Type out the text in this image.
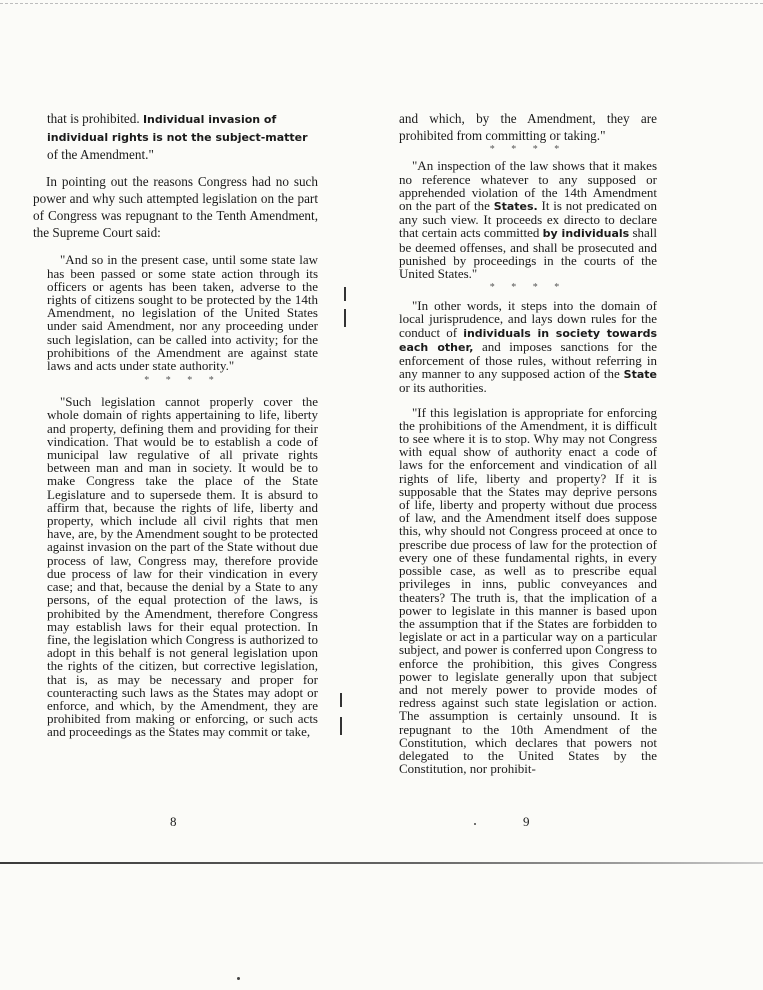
that is prohibited. Individual invasion of individual rights is not the subject-matter of the Amendment."

In pointing out the reasons Congress had no such power and why such attempted legislation on the part of Congress was repugnant to the Tenth Amendment, the Supreme Court said:

"And so in the present case, until some state law has been passed or some state action through its officers or agents has been taken, adverse to the rights of citizens sought to be protected by the 14th Amendment, no legislation of the United States under said Amendment, nor any proceeding under such legislation, can be called into activity; for the prohibitions of the Amendment are against state laws and acts under state authority."

* * * *

"Such legislation cannot properly cover the whole domain of rights appertaining to life, liberty and property, defining them and providing for their vindication. That would be to establish a code of municipal law regulative of all private rights between man and man in society. It would be to make Congress take the place of the State Legislature and to supersede them. It is absurd to affirm that, because the rights of life, liberty and property, which include all civil rights that men have, are, by the Amendment sought to be protected against invasion on the part of the State without due process of law, Congress may, therefore provide due process of law for their vindication in every case; and that, because the denial by a State to any persons, of the equal protection of the laws, is prohibited by the Amendment, therefore Congress may establish laws for their equal protection. In fine, the legislation which Congress is authorized to adopt in this behalf is not general legislation upon the rights of the citizen, but corrective legislation, that is, as may be necessary and proper for counteracting such laws as the States may adopt or enforce, and which, by the Amendment, they are prohibited from making or enforcing, or such acts and proceedings as the States may commit or take,

8

and which, by the Amendment, they are prohibited from committing or taking."

* * * *

"An inspection of the law shows that it makes no reference whatever to any supposed or apprehended violation of the 14th Amendment on the part of the States. It is not predicated on any such view. It proceeds ex directo to declare that certain acts committed by individuals shall be deemed offenses, and shall be prosecuted and punished by proceedings in the courts of the United States."

* * * *

"In other words, it steps into the domain of local jurisprudence, and lays down rules for the conduct of individuals in society towards each other, and imposes sanctions for the enforcement of those rules, without referring in any manner to any supposed action of the State or its authorities.

"If this legislation is appropriate for enforcing the prohibitions of the Amendment, it is difficult to see where it is to stop. Why may not Congress with equal show of authority enact a code of laws for the enforcement and vindication of all rights of life, liberty and property? If it is supposable that the States may deprive persons of life, liberty and property without due process of law, and the Amendment itself does suppose this, why should not Congress proceed at once to prescribe due process of law for the protection of every one of these fundamental rights, in every possible case, as well as to prescribe equal privileges in inns, public conveyances and theaters? The truth is, that the implication of a power to legislate in this manner is based upon the assumption that if the States are forbidden to legislate or act in a particular way on a particular subject, and power is conferred upon Congress to enforce the prohibition, this gives Congress power to legislate generally upon that subject and not merely power to provide modes of redress against such state legislation or action. The assumption is certainly unsound. It is repugnant to the 10th Amendment of the Constitution, which declares that powers not delegated to the United States by the Constitution, nor prohibit-

9
